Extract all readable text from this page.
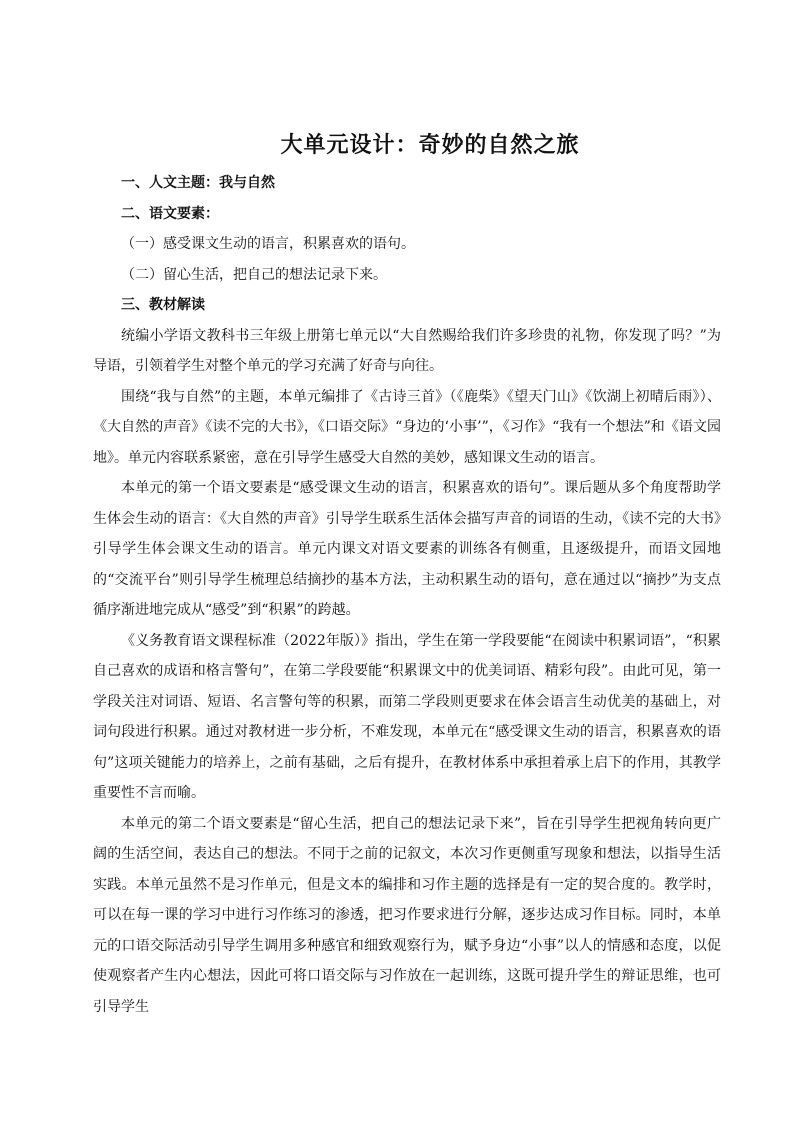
大单元设计：奇妙的自然之旅

一、人文主题：我与自然

二、语文要素：

（一）感受课文生动的语言，积累喜欢的语句。

（二）留心生活，把自己的想法记录下来。

三、教材解读

统编小学语文教科书三年级上册第七单元以“大自然赐给我们许多珍贵的礼物，你发现了吗？”为导语，引领着学生对整个单元的学习充满了好奇与向往。

围绕“我与自然”的主题，本单元编排了《古诗三首》（《鹿柴》《望天门山》《饮湖上初晴后雨》）、《大自然的声音》《读不完的大书》，《口语交际》“身边的‘小事’”，《习作》“我有一个想法”和《语文园地》。单元内容联系紧密，意在引导学生感受大自然的美妙，感知课文生动的语言。

本单元的第一个语文要素是“感受课文生动的语言，积累喜欢的语句”。课后题从多个角度帮助学生体会生动的语言：《大自然的声音》引导学生联系生活体会描写声音的词语的生动，《读不完的大书》引导学生体会课文生动的语言。单元内课文对语文要素的训练各有侧重，且逐级提升，而语文园地的“交流平台”则引导学生梳理总结摘抄的基本方法，主动积累生动的语句，意在通过以“摘抄”为支点循序渐进地完成从“感受”到“积累”的跨越。

《义务教育语文课程标准（2022年版）》指出，学生在第一学段要能“在阅读中积累词语”，“积累自己喜欢的成语和格言警句”，在第二学段要能“积累课文中的优美词语、精彩句段”。由此可见，第一学段关注对词语、短语、名言警句等的积累，而第二学段则更要求在体会语言生动优美的基础上，对词句段进行积累。通过对教材进一步分析，不难发现，本单元在“感受课文生动的语言，积累喜欢的语句”这项关键能力的培养上，之前有基础，之后有提升，在教材体系中承担着承上启下的作用，其教学重要性不言而喻。

本单元的第二个语文要素是“留心生活，把自己的想法记录下来”，旨在引导学生把视角转向更广阔的生活空间，表达自己的想法。不同于之前的记叙文，本次习作更侧重写现象和想法，以指导生活实践。本单元虽然不是习作单元，但是文本的编排和习作主题的选择是有一定的契合度的。教学时，可以在每一课的学习中进行习作练习的渗透，把习作要求进行分解，逐步达成习作目标。同时，本单元的口语交际活动引导学生调用多种感官和细致观察行为，赋予身边“小事”以人的情感和态度，以促使观察者产生内心想法，因此可将口语交际与习作放在一起训练，这既可提升学生的辩证思维，也可引导学生
